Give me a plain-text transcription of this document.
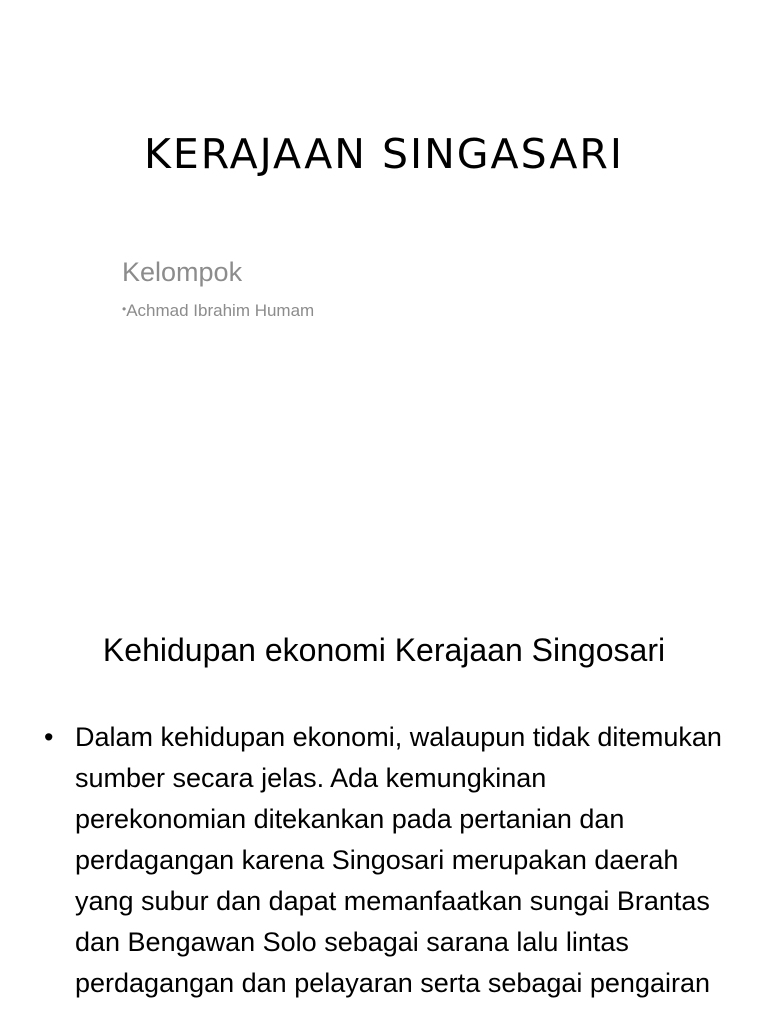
KERAJAAN SINGASARI
Kelompok
•Achmad Ibrahim Humam
Kehidupan ekonomi Kerajaan Singosari
• Dalam kehidupan ekonomi, walaupun tidak ditemukan sumber secara jelas. Ada kemungkinan perekonomian ditekankan pada pertanian dan perdagangan karena Singosari merupakan daerah yang subur dan dapat memanfaatkan sungai Brantas dan Bengawan Solo sebagai sarana lalu lintas perdagangan dan pelayaran serta sebagai pengairan
